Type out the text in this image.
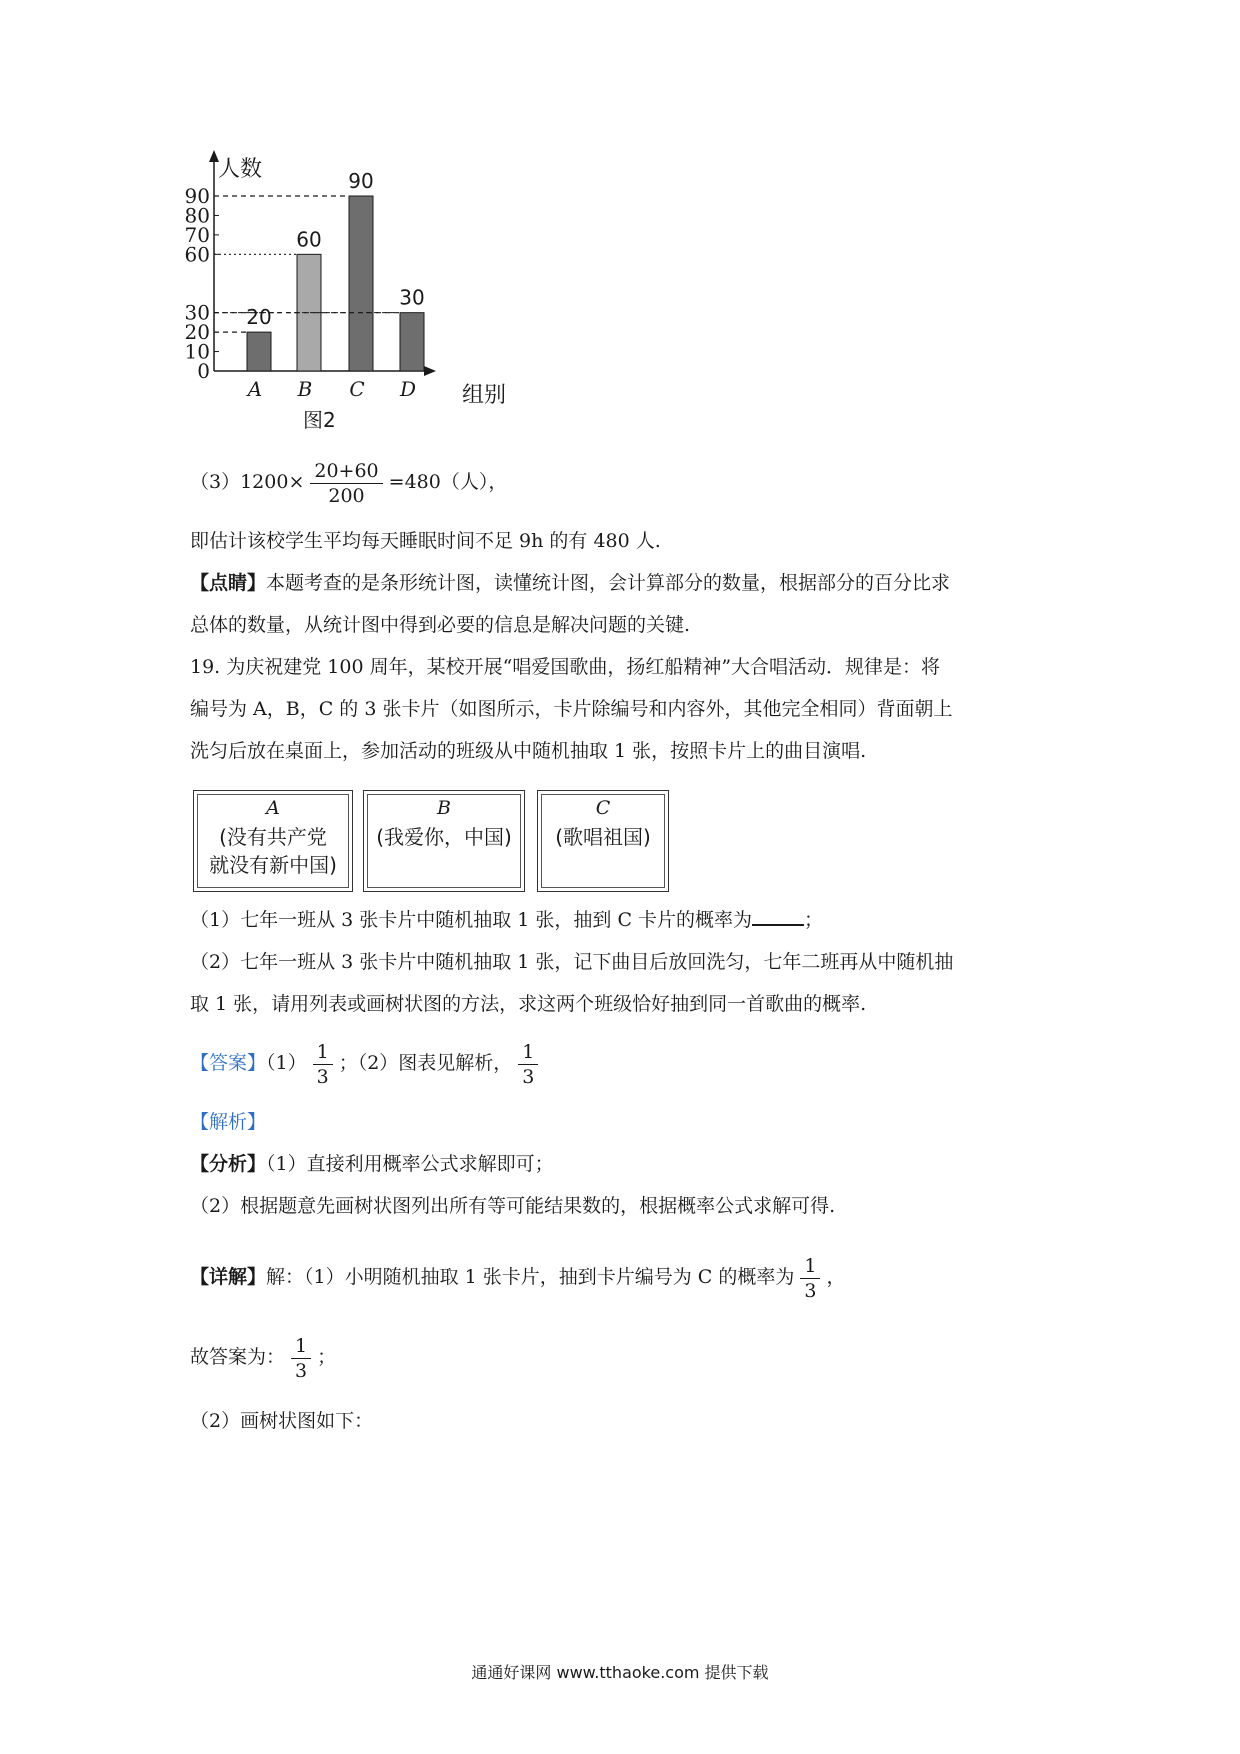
0
10
20
30
60
70
80
90
20
A
60
B
90
C
30
D
人数
组别
图2
$(3)1200\times \frac{20+60}{200} =480$（人），
即估计该校学生平均每天睡眠时间不足 9h 的有 480 人.
【点睛】本题考查的是条形统计图，读懂统计图，会计算部分的数量，根据部分的百分比求
总体的数量，从统计图中得到必要的信息是解决问题的关键.
19. 为庆祝建党 100 周年，某校开展“唱爱国歌曲，扬红船精神”大合唱活动．规律是：将
编号为 A，B，C 的 3 张卡片（如图所示，卡片除编号和内容外，其他完全相同）背面朝上
洗匀后放在桌面上，参加活动的班级从中随机抽取 1 张，按照卡片上的曲目演唱.
A
(没有共产党
就没有新中国)
B
(我爱你，中国)
C
(歌唱祖国)
（1）七年一班从 3 张卡片中随机抽取 1 张，抽到 C 卡片的概率为	；
（2）七年一班从 3 张卡片中随机抽取 1 张，记下曲目后放回洗匀，七年二班再从中随机抽
取 1 张，请用列表或画树状图的方法，求这两个班级恰好抽到同一首歌曲的概率.
【答案】$(1) \frac{1}{3}$ ；（2）图表见解析， $\frac{1}{3}$
【解析】
【分析】（1）直接利用概率公式求解即可；
（2）根据题意先画树状图列出所有等可能结果数的，根据概率公式求解可得.
【详解】解：（1）小明随机抽取 1 张卡片，抽到卡片编号为 C 的概率为 $\frac{1}{3}$ ，
故答案为： $\frac{1}{3}$ ；
（2）画树状图如下：
通通好课网 www.tthaoke.com 提供下载
